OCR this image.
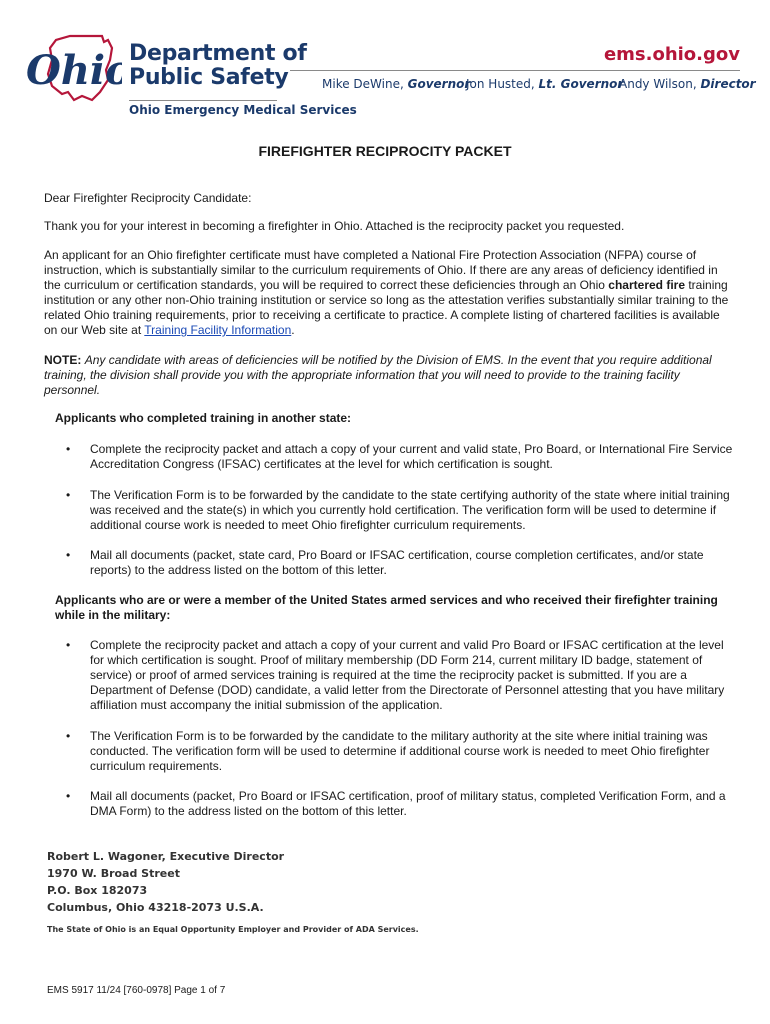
Ohio
Department of
Public Safety
ems.ohio.gov
Mike DeWine, Governor
Jon Husted, Lt. Governor
Andy Wilson, Director
Ohio Emergency Medical Services
FIREFIGHTER RECIPROCITY PACKET
Dear Firefighter Reciprocity Candidate:
Thank you for your interest in becoming a firefighter in Ohio. Attached is the reciprocity packet you requested.
An applicant for an Ohio firefighter certificate must have completed a National Fire Protection Association (NFPA) course of instruction, which is substantially similar to the curriculum requirements of Ohio. If there are any areas of deficiency identified in the curriculum or certification standards, you will be required to correct these deficiencies through an Ohio chartered fire training institution or any other non-Ohio training institution or service so long as the attestation verifies substantially similar training to the related Ohio training requirements, prior to receiving a certificate to practice. A complete listing of chartered facilities is available on our Web site at Training Facility Information.
NOTE: Any candidate with areas of deficiencies will be notified by the Division of EMS. In the event that you require additional training, the division shall provide you with the appropriate information that you will need to provide to the training facility personnel.
Applicants who completed training in another state:
•	Complete the reciprocity packet and attach a copy of your current and valid state, Pro Board, or International Fire Service Accreditation Congress (IFSAC) certificates at the level for which certification is sought.
•	The Verification Form is to be forwarded by the candidate to the state certifying authority of the state where initial training was received and the state(s) in which you currently hold certification. The verification form will be used to determine if additional course work is needed to meet Ohio firefighter curriculum requirements.
•	Mail all documents (packet, state card, Pro Board or IFSAC certification, course completion certificates, and/or state reports) to the address listed on the bottom of this letter.
Applicants who are or were a member of the United States armed services and who received their firefighter training while in the military:
•	Complete the reciprocity packet and attach a copy of your current and valid Pro Board or IFSAC certification at the level for which certification is sought. Proof of military membership (DD Form 214, current military ID badge, statement of service) or proof of armed services training is required at the time the reciprocity packet is submitted. If you are a Department of Defense (DOD) candidate, a valid letter from the Directorate of Personnel attesting that you have military affiliation must accompany the initial submission of the application.
•	The Verification Form is to be forwarded by the candidate to the military authority at the site where initial training was conducted. The verification form will be used to determine if additional course work is needed to meet Ohio firefighter curriculum requirements.
•	Mail all documents (packet, Pro Board or IFSAC certification, proof of military status, completed Verification Form, and a DMA Form) to the address listed on the bottom of this letter.
Robert L. Wagoner, Executive Director
1970 W. Broad Street
P.O. Box 182073
Columbus, Ohio 43218-2073 U.S.A.
The State of Ohio is an Equal Opportunity Employer and Provider of ADA Services.
EMS 5917 11/24 [760-0978] Page 1 of 7
